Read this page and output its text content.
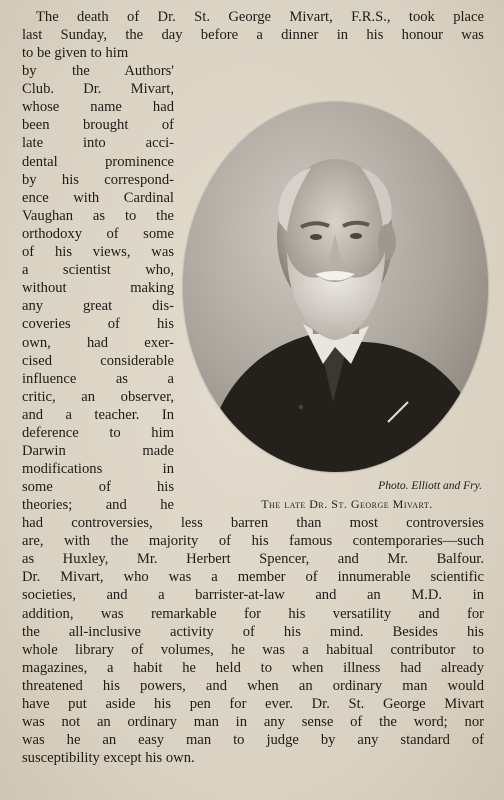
The death of Dr. St. George Mivart, F.R.S., took place
last Sunday, the day before a dinner in his honour was
to be given to him
by the Authors'
Club. Dr. Mivart,
whose name had
been brought of
late into acci-
dental prominence
by his correspond-
ence with Cardinal
Vaughan as to the
orthodoxy of some
of his views, was
a scientist who,
without making
any great dis-
coveries of his
own, had exer-
cised considerable
influence as a
critic, an observer,
and a teacher. In
deference to him
Darwin made
modifications in
some of his
theories; and he
had controversies, less barren than most controversies
are, with the majority of his famous contemporaries—such
as Huxley, Mr. Herbert Spencer, and Mr. Balfour.
Dr. Mivart, who was a member of innumerable scientific
societies, and a barrister-at-law and an M.D. in
addition, was remarkable for his versatility and for
the all-inclusive activity of his mind. Besides his
whole library of volumes, he was a habitual contributor to
magazines, a habit he held to when illness had already
threatened his powers, and when an ordinary man would
have put aside his pen for ever. Dr. St. George Mivart
was not an ordinary man in any sense of the word; nor
was he an easy man to judge by any standard of
susceptibility except his own.
Photo. Elliott and Fry.
The late Dr. St. George Mivart.
